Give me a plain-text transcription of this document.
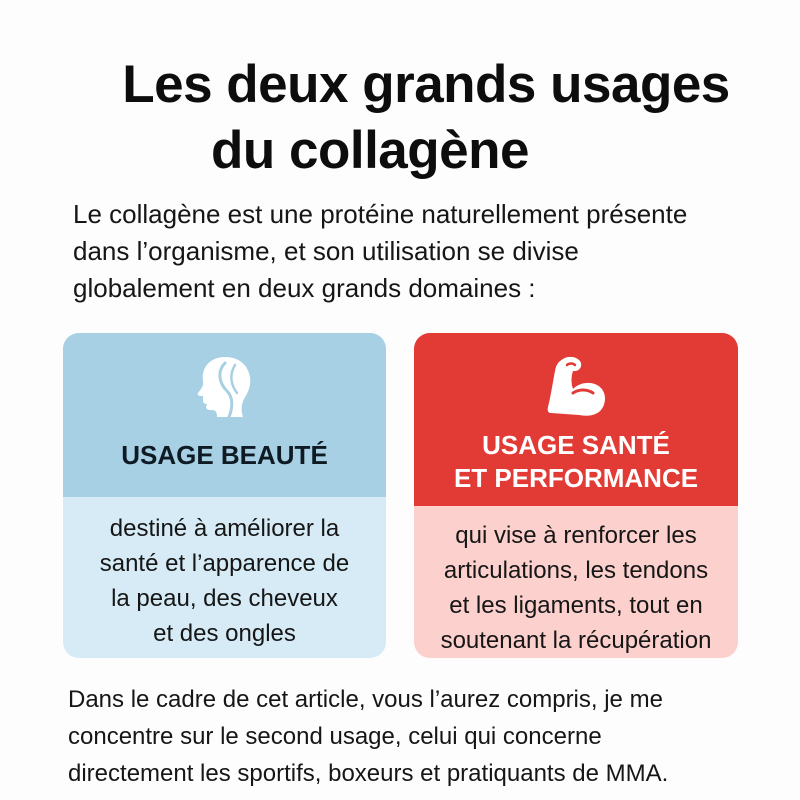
Les deux grands usages
du collagène

Le collagène est une protéine naturellement présente
dans l’organisme, et son utilisation se divise
globalement en deux grands domaines :

USAGE BEAUTÉ

destiné à améliorer la
santé et l’apparence de
la peau, des cheveux
et des ongles

USAGE SANTÉ
ET PERFORMANCE

qui vise à renforcer les
articulations, les tendons
et les ligaments, tout en
soutenant la récupération

Dans le cadre de cet article, vous l’aurez compris, je me
concentre sur le second usage, celui qui concerne
directement les sportifs, boxeurs et pratiquants de MMA.
